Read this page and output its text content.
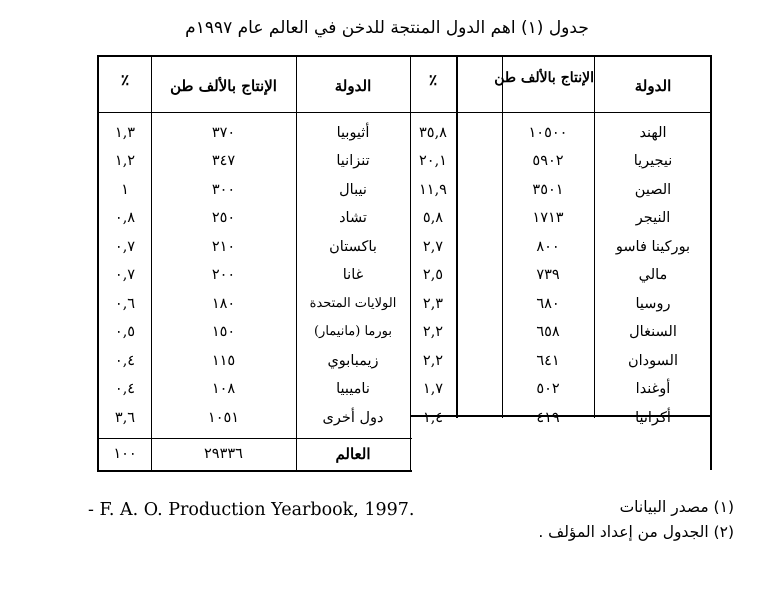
جدول (١) اهم الدول المنتجة للدخن في العالم عام ١٩٩٧م
الدولة
الإنتاج بالألف طن
٪
الدولة
الإنتاج بالألف طن
٪
الهند
١٠٥٠٠
٣٥,٨
أثيوبيا
٣٧٠
١,٣
نيجيريا
٥٩٠٢
٢٠,١
تنزانيا
٣٤٧
١,٢
الصين
٣٥٠١
١١,٩
نيبال
٣٠٠
١
النيجر
١٧١٣
٥,٨
تشاد
٢٥٠
٠,٨
بوركينا فاسو
٨٠٠
٢,٧
باكستان
٢١٠
٠,٧
مالي
٧٣٩
٢,٥
غانا
٢٠٠
٠,٧
روسيا
٦٨٠
٢,٣
الولايات المتحدة
١٨٠
٠,٦
السنغال
٦٥٨
٢,٢
بورما (مانيمار)
١٥٠
٠,٥
السودان
٦٤١
٢,٢
زيمبابوي
١١٥
٠,٤
أوغندا
٥٠٢
١,٧
ناميبيا
١٠٨
٠,٤
أكرانيا
٤١٩
١,٤
دول أخرى
١٠٥١
٣,٦
العالم
٢٩٣٣٦
١٠٠
- F. A. O. Production Yearbook, 1997.	(١) مصدر البيانات
(٢) الجدول من إعداد المؤلف .
